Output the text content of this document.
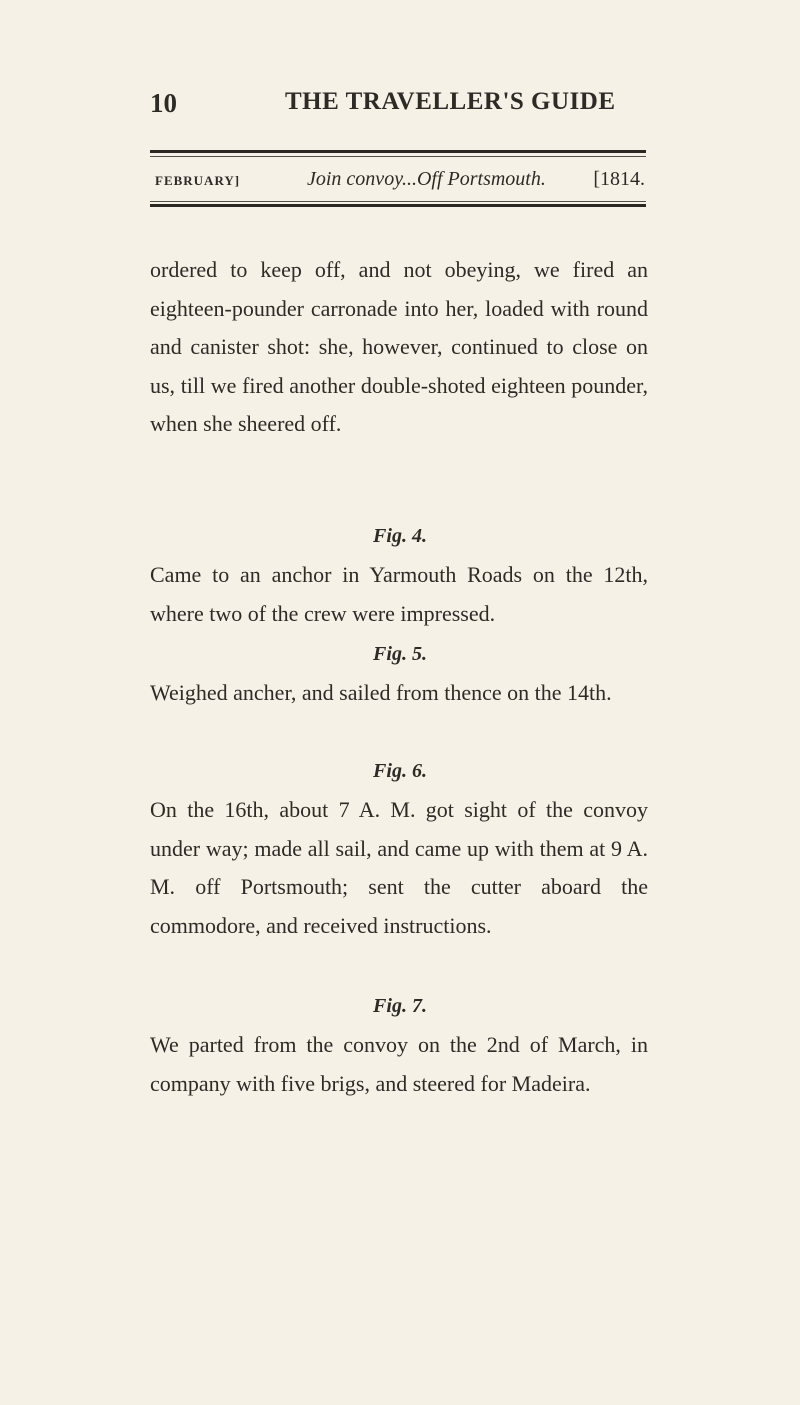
10	THE TRAVELLER'S GUIDE
FEBRUARY]	Join convoy...Off Portsmouth. [1814.

ordered to keep off, and not obeying, we fired an eighteen-pounder carronade into her, loaded with round and canister shot: she, however, continued to close on us, till we fired another double-shoted eighteen pounder, when she sheered off.

Fig. 4.

Came to an anchor in Yarmouth Roads on the 12th, where two of the crew were impressed.

Fig. 5.

Weighed ancher, and sailed from thence on the 14th.

Fig. 6.

On the 16th, about 7 A. M. got sight of the convoy under way; made all sail, and came up with them at 9 A. M. off Portsmouth; sent the cutter aboard the commodore, and received instructions.

Fig. 7.

We parted from the convoy on the 2nd of March, in company with five brigs, and steered for Madeira.
